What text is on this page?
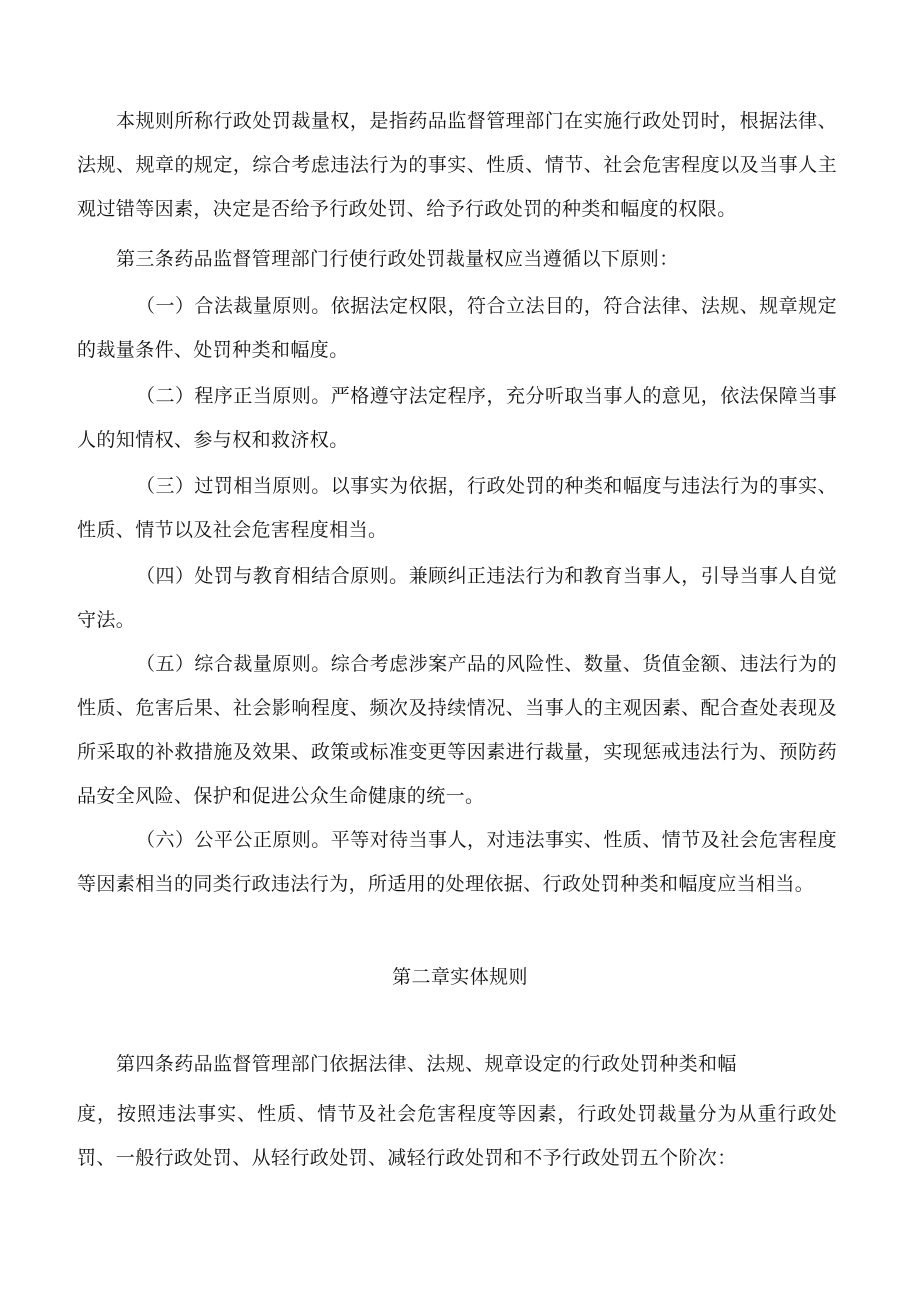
本规则所称行政处罚裁量权，是指药品监督管理部门在实施行政处罚时，根据法律、法规、规章的规定，综合考虑违法行为的事实、性质、情节、社会危害程度以及当事人主观过错等因素，决定是否给予行政处罚、给予行政处罚的种类和幅度的权限。

第三条药品监督管理部门行使行政处罚裁量权应当遵循以下原则：

（一）合法裁量原则。依据法定权限，符合立法目的，符合法律、法规、规章规定的裁量条件、处罚种类和幅度。

（二）程序正当原则。严格遵守法定程序，充分听取当事人的意见，依法保障当事人的知情权、参与权和救济权。

（三）过罚相当原则。以事实为依据，行政处罚的种类和幅度与违法行为的事实、性质、情节以及社会危害程度相当。

（四）处罚与教育相结合原则。兼顾纠正违法行为和教育当事人，引导当事人自觉守法。

（五）综合裁量原则。综合考虑涉案产品的风险性、数量、货值金额、违法行为的性质、危害后果、社会影响程度、频次及持续情况、当事人的主观因素、配合查处表现及所采取的补救措施及效果、政策或标准变更等因素进行裁量，实现惩戒违法行为、预防药品安全风险、保护和促进公众生命健康的统一。

（六）公平公正原则。平等对待当事人，对违法事实、性质、情节及社会危害程度等因素相当的同类行政违法行为，所适用的处理依据、行政处罚种类和幅度应当相当。

第二章实体规则

第四条药品监督管理部门依据法律、法规、规章设定的行政处罚种类和幅

度，按照违法事实、性质、情节及社会危害程度等因素，行政处罚裁量分为从重行政处罚、一般行政处罚、从轻行政处罚、减轻行政处罚和不予行政处罚五个阶次：
